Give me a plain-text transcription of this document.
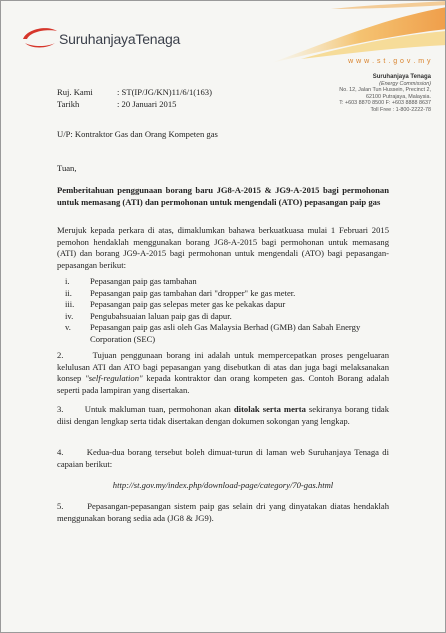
SuruhanjayaTenaga
w w w . s t . g o v . m y
Suruhanjaya Tenaga
(Energy Commission)
No. 12, Jalan Tun Hussein, Precinct 2,
62100 Putrajaya, Malaysia.
T: +603 8870 8500 F: +603 8888 8637
Toll Free : 1-800-2222-78
Ruj. Kami	: ST(IP/JG/KN)11/6/1(163)
Tarikh	: 20 Januari 2015
U/P: Kontraktor Gas dan Orang Kompeten gas
Tuan,
Pemberitahuan penggunaan borang baru JG8-A-2015 & JG9-A-2015 bagi permohonan untuk memasang (ATI) dan permohonan untuk mengendali (ATO) pepasangan paip gas
Merujuk kepada perkara di atas, dimaklumkan bahawa berkuatkuasa mulai 1 Februari 2015 pemohon hendaklah menggunakan borang JG8-A-2015 bagi permohonan untuk memasang (ATI) dan borang JG9-A-2015 bagi permohonan untuk mengendali (ATO) bagi pepasangan-pepasangan berikut:
i. Pepasangan paip gas tambahan
ii. Pepasangan paip gas tambahan dari "dropper" ke gas meter.
iii. Pepasangan paip gas selepas meter gas ke pekakas dapur
iv. Pengubahsuaian laluan paip gas di dapur.
v. Pepasangan paip gas asli oleh Gas Malaysia Berhad (GMB) dan Sabah Energy Corporation (SEC)
2.	Tujuan penggunaan borang ini adalah untuk mempercepatkan proses pengeluaran kelulusan ATI dan ATO bagi pepasangan yang disebutkan di atas dan juga bagi melaksanakan konsep "self-regulation" kepada kontraktor dan orang kompeten gas. Contoh Borang adalah seperti pada lampiran yang disertakan.
3. Untuk makluman tuan, permohonan akan ditolak serta merta sekiranya borang tidak diisi dengan lengkap serta tidak disertakan dengan dokumen sokongan yang lengkap.
4.	Kedua-dua borang tersebut boleh dimuat-turun di laman web Suruhanjaya Tenaga di capaian berikut:
http://st.gov.my/index.php/download-page/category/70-gas.html
5.	Pepasangan-pepasangan sistem paip gas selain dri yang dinyatakan diatas hendaklah menggunakan borang sedia ada (JG8 & JG9).
